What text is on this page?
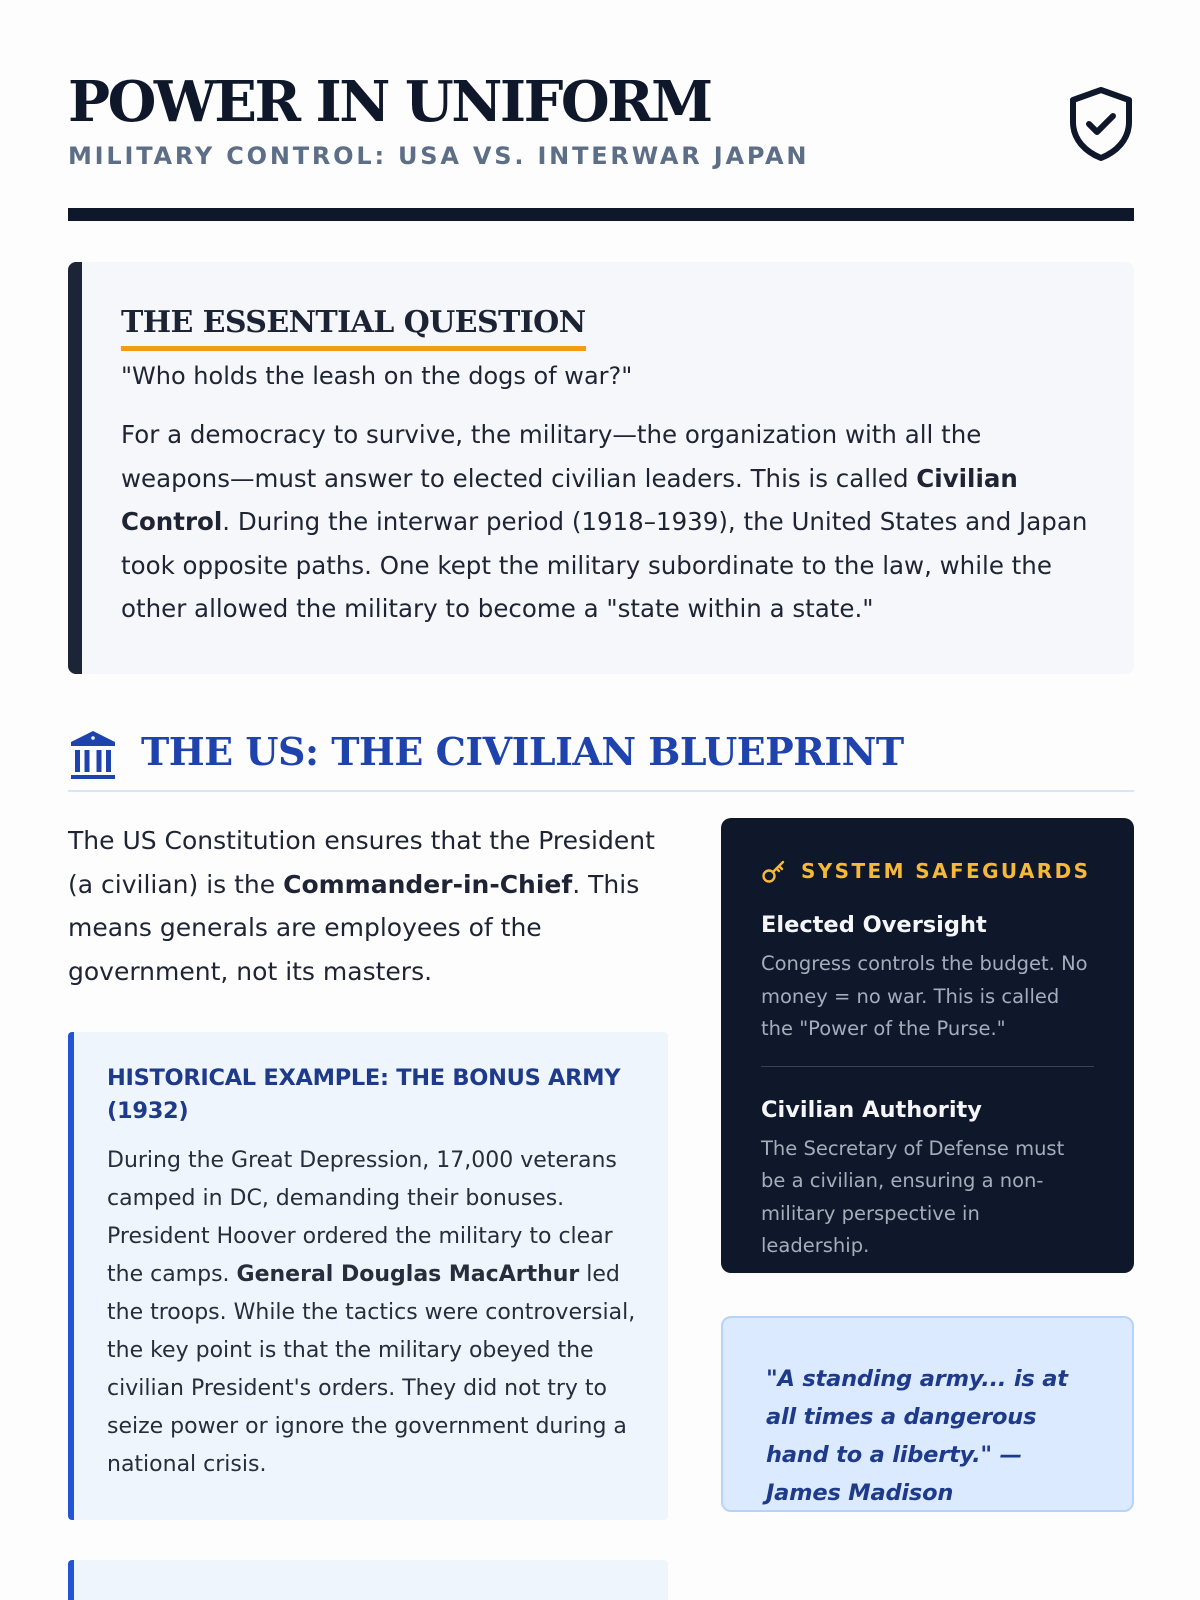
POWER IN UNIFORM
MILITARY CONTROL: USA VS. INTERWAR JAPAN
THE ESSENTIAL QUESTION

"Who holds the leash on the dogs of war?"

For a democracy to survive, the military—the organization with all the weapons—must answer to elected civilian leaders. This is called Civilian Control. During the interwar period (1918–1939), the United States and Japan took opposite paths. One kept the military subordinate to the law, while the other allowed the military to become a "state within a state."

THE US: THE CIVILIAN BLUEPRINT

The US Constitution ensures that the President (a civilian) is the Commander-in-Chief. This means generals are employees of the government, not its masters.

HISTORICAL EXAMPLE: THE BONUS ARMY (1932)

During the Great Depression, 17,000 veterans camped in DC, demanding their bonuses. President Hoover ordered the military to clear the camps. General Douglas MacArthur led the troops. While the tactics were controversial, the key point is that the military obeyed the civilian President's orders. They did not try to seize power or ignore the government during a national crisis.

SYSTEM SAFEGUARDS
Elected Oversight
Congress controls the budget. No money = no war. This is called the "Power of the Purse."
Civilian Authority
The Secretary of Defense must be a civilian, ensuring a non-military perspective in leadership.

"A standing army... is at all times a dangerous hand to a liberty." — James Madison
